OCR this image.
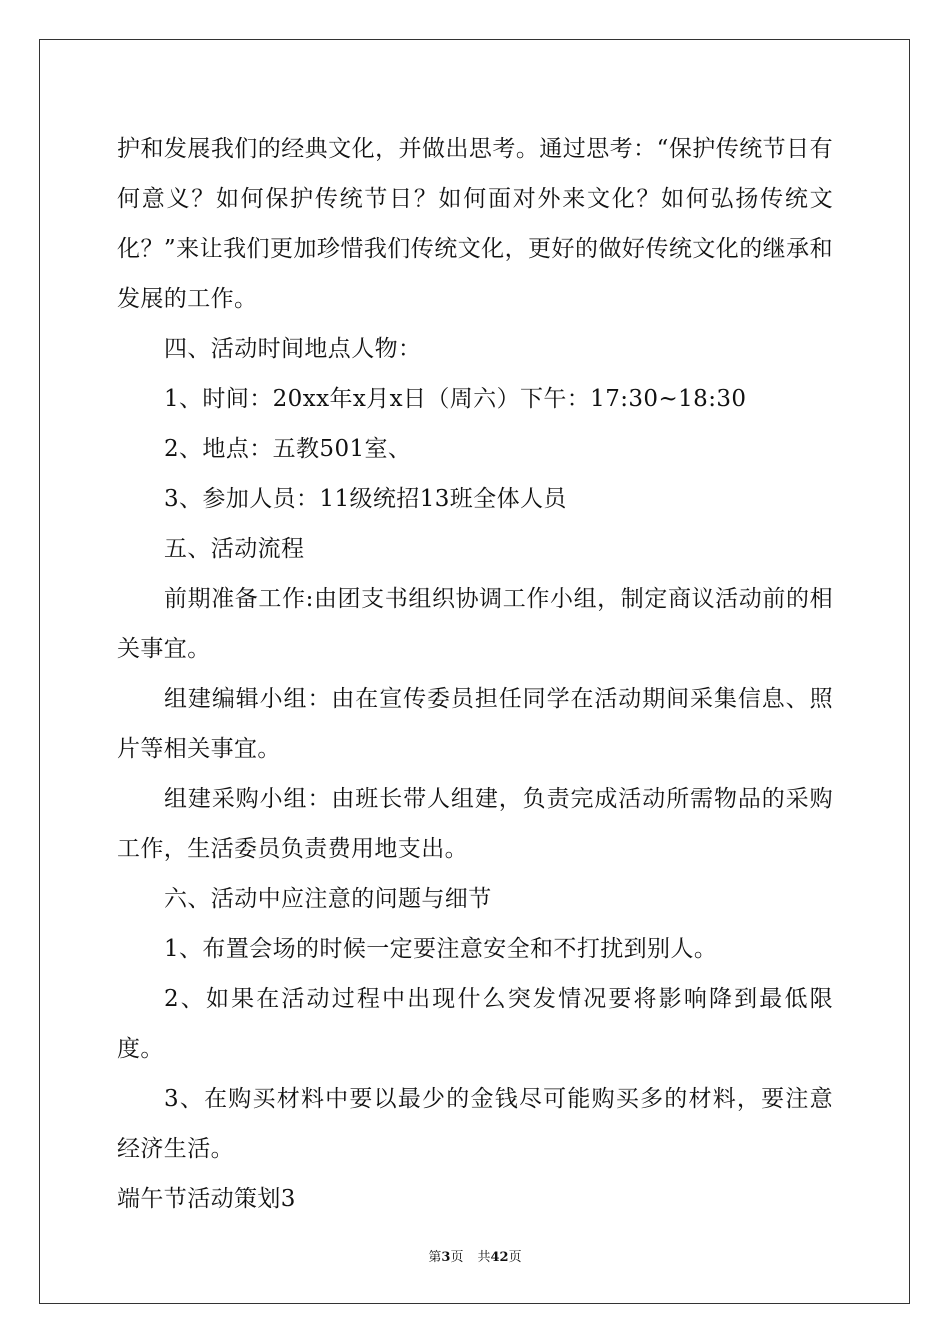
护和发展我们的经典文化，并做出思考。通过思考：“保护传统节日有何意义？如何保护传统节日？如何面对外来文化？如何弘扬传统文化？”来让我们更加珍惜我们传统文化，更好的做好传统文化的继承和发展的工作。

四、活动时间地点人物：

1、时间：20xx年x月x日（周六）下午：17:30~18:30

2、地点：五教501室、

3、参加人员：11级统招13班全体人员

五、活动流程

前期准备工作:由团支书组织协调工作小组，制定商议活动前的相关事宜。

组建编辑小组：由在宣传委员担任同学在活动期间采集信息、照片等相关事宜。

组建采购小组：由班长带人组建，负责完成活动所需物品的采购工作，生活委员负责费用地支出。

六、活动中应注意的问题与细节

1、布置会场的时候一定要注意安全和不打扰到别人。

2、如果在活动过程中出现什么突发情况要将影响降到最低限度。

3、在购买材料中要以最少的金钱尽可能购买多的材料，要注意经济生活。

端午节活动策划3

第3页 共42页
